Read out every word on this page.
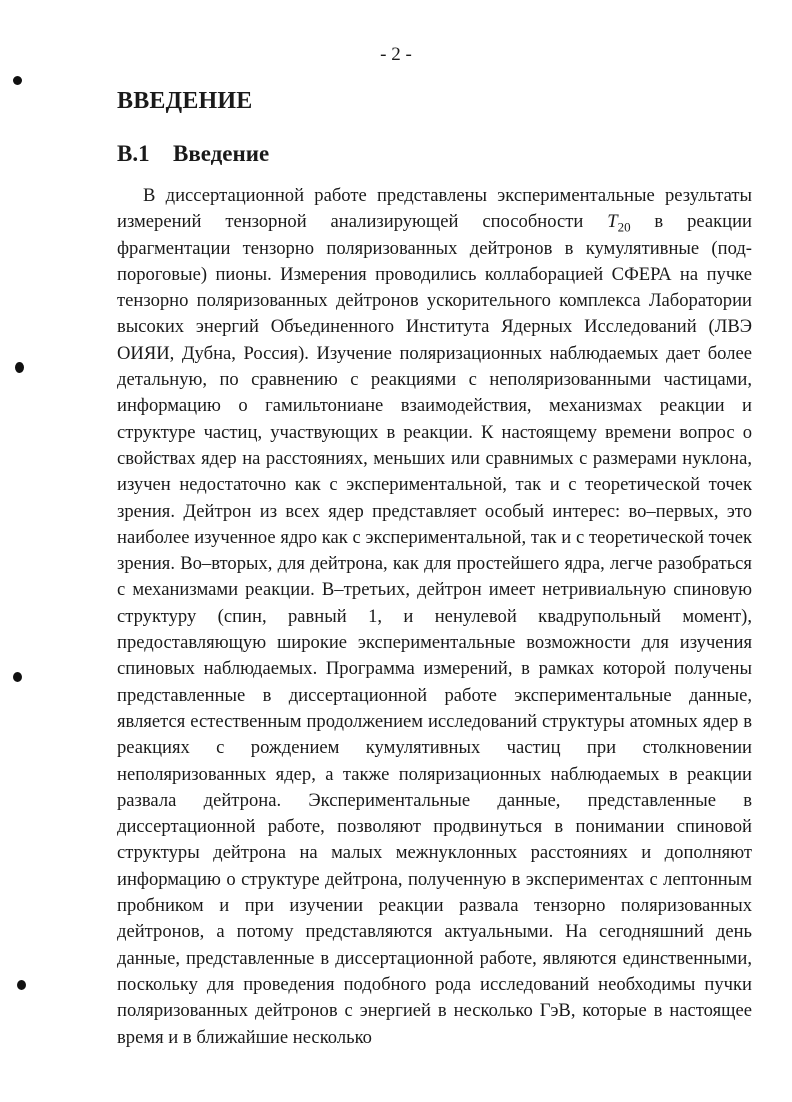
- 2 -
ВВЕДЕНИЕ
В.1 Введение

В диссертационной работе представлены экспериментальные результаты измерений тензорной анализирующей способности $T_{20}$ в реакции фрагментации тензорно поляризованных дейтронов в кумулятивные (подпороговые) пионы. Измерения проводились коллаборацией СФЕРА на пучке тензорно поляризованных дейтронов ускорительного комплекса Лаборатории высоких энергий Объединенного Института Ядерных Исследований (ЛВЭ ОИЯИ, Дубна, Россия). Изучение поляризационных наблюдаемых дает более детальную, по сравнению с реакциями с неполяризованными частицами, информацию о гамильтониане взаимодействия, механизмах реакции и структуре частиц, участвующих в реакции. К настоящему времени вопрос о свойствах ядер на расстояниях, меньших или сравнимых с размерами нуклона, изучен недостаточно как с экспериментальной, так и с теоретической точек зрения. Дейтрон из всех ядер представляет особый интерес: во–первых, это наиболее изученное ядро как с экспериментальной, так и с теоретической точек зрения. Во–вторых, для дейтрона, как для простейшего ядра, легче разобраться с механизмами реакции. В–третьих, дейтрон имеет нетривиальную спиновую структуру (спин, равный 1, и ненулевой квадрупольный момент), предоставляющую широкие экспериментальные возможности для изучения спиновых наблюдаемых. Программа измерений, в рамках которой получены представленные в диссертационной работе экспериментальные данные, является естественным продолжением исследований структуры атомных ядер в реакциях с рождением кумулятивных частиц при столкновении неполяризованных ядер, а также поляризационных наблюдаемых в реакции развала дейтрона. Экспериментальные данные, представленные в диссертационной работе, позволяют продвинуться в понимании спиновой структуры дейтрона на малых межнуклонных расстояниях и дополняют информацию о структуре дейтрона, полученную в экспериментах с лептонным пробником и при изучении реакции развала тензорно поляризованных дейтронов, а потому представляются актуальными. На сегодняшний день данные, представленные в диссертационной работе, являются единственными, поскольку для проведения подобного рода исследований необходимы пучки поляризованных дейтронов с энергией в несколько ГэВ, которые в настоящее время и в ближайшие несколько
